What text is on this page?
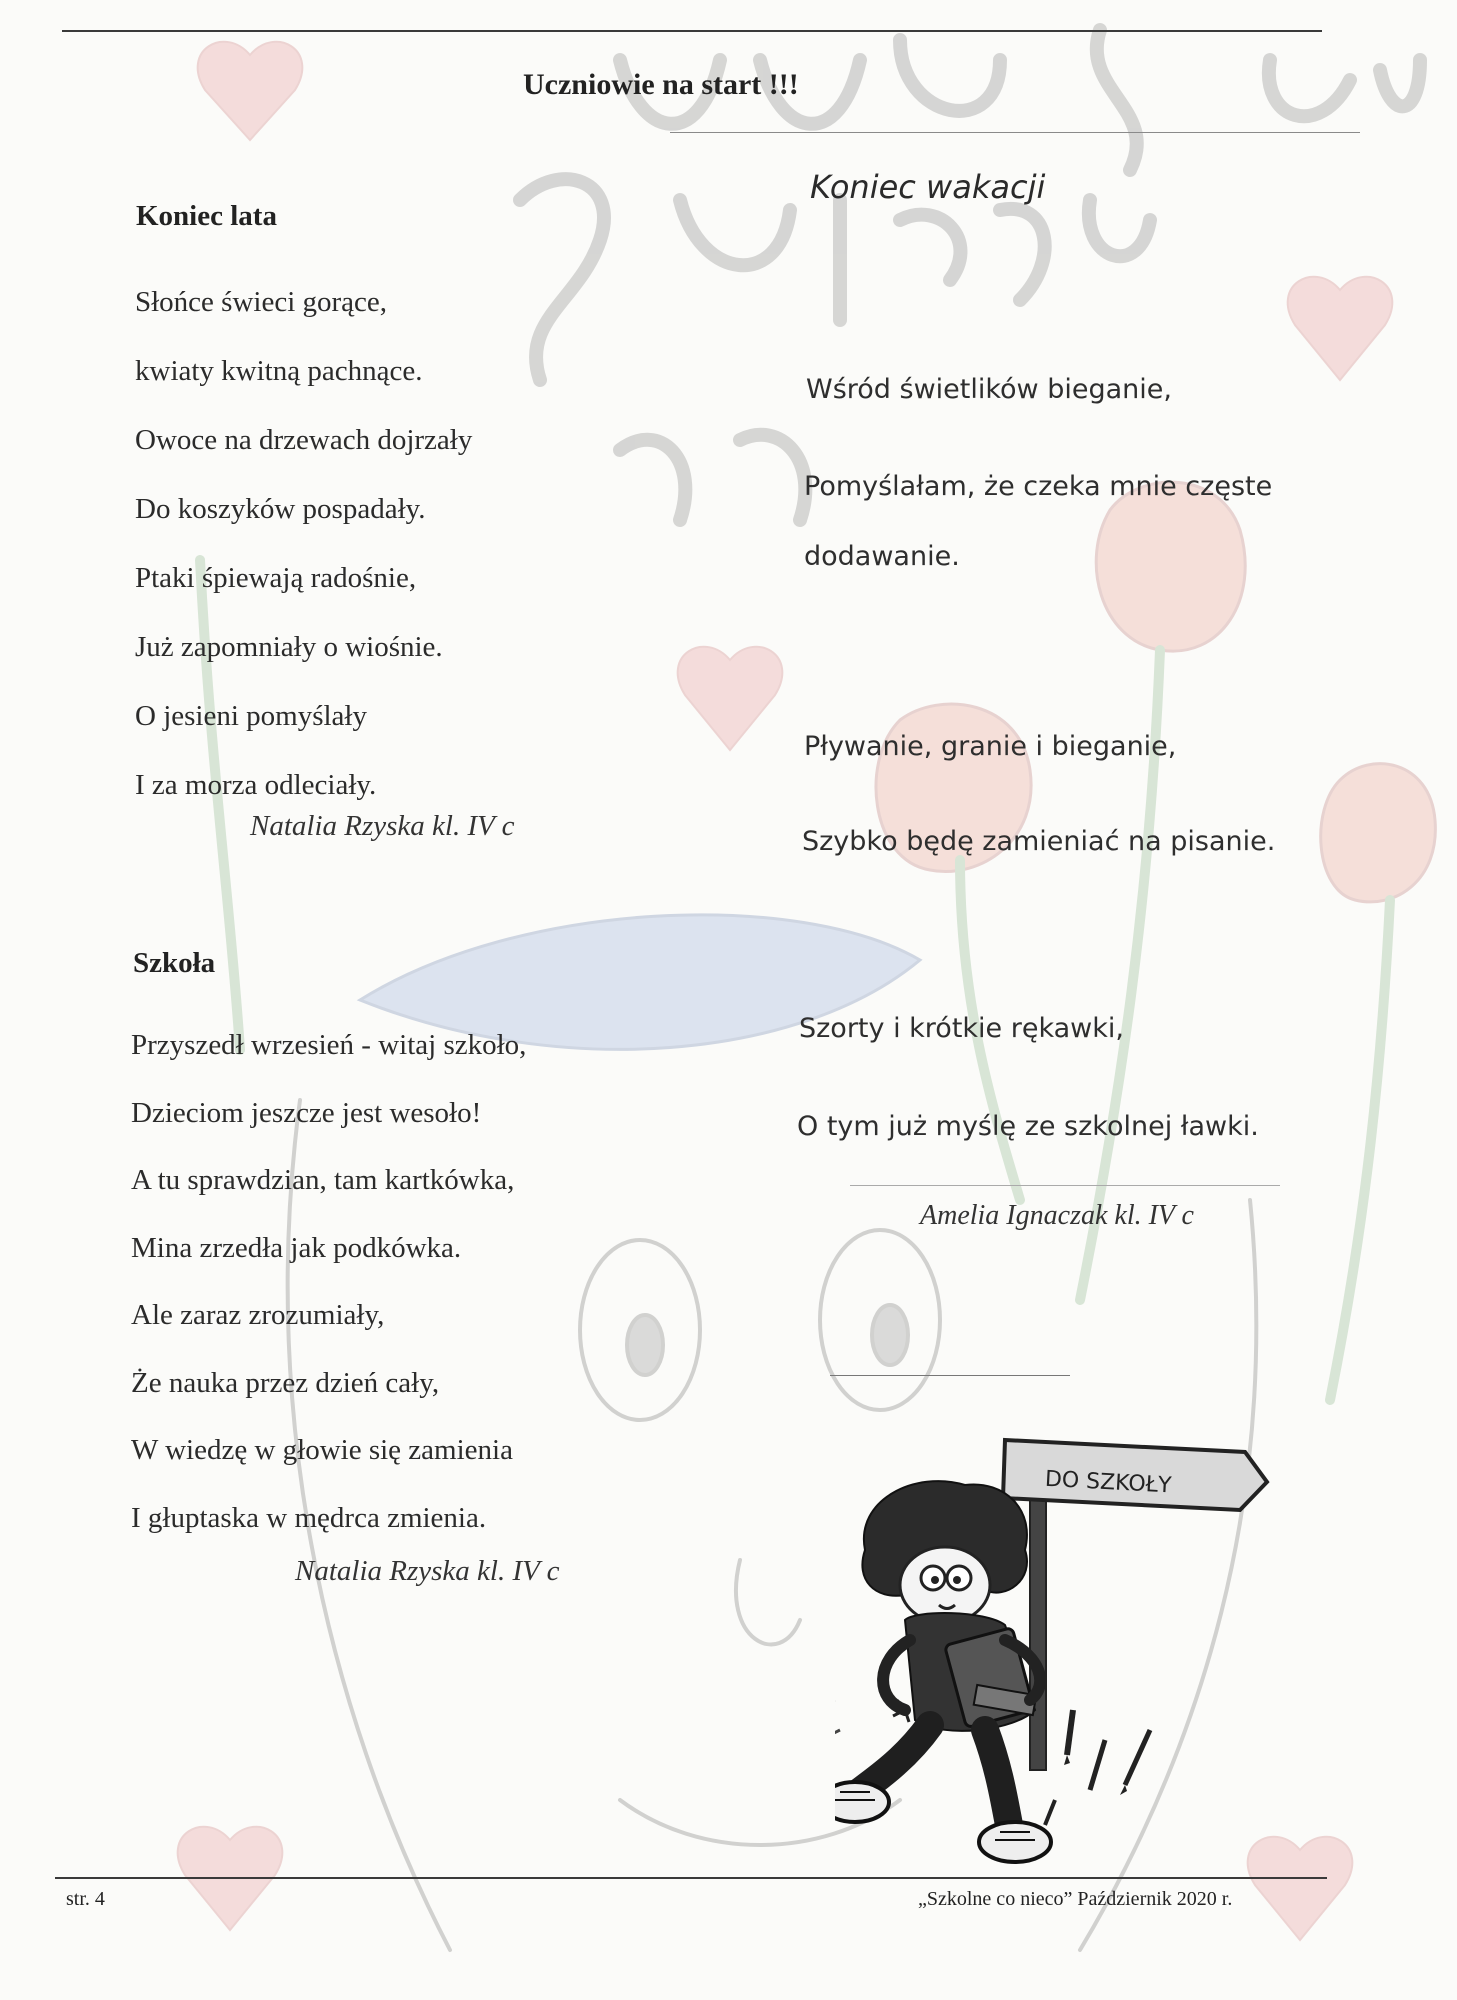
Uczniowie na start !!!
Koniec lata
Słońce świeci gorące,
kwiaty kwitną pachnące.
Owoce na drzewach dojrzały
Do koszyków pospadały.
Ptaki śpiewają radośnie,
Już zapomniały o wiośnie.
O jesieni pomyślały
I za morza odleciały.
Natalia Rzyska kl. IV c
Szkoła
Przyszedł wrzesień - witaj szkoło,
Dzieciom jeszcze jest wesoło!
A tu sprawdzian, tam kartkówka,
Mina zrzedła jak podkówka.
Ale zaraz zrozumiały,
Że nauka przez dzień cały,
W wiedzę w głowie się zamienia
I głuptaska w mędrca zmienia.
Natalia Rzyska kl. IV c
Koniec wakacji
Wśród świetlików bieganie,
Pomyślałam, że czeka mnie częste
dodawanie.
Pływanie, granie i bieganie,
Szybko będę zamieniać na pisanie.
Szorty i krótkie rękawki,
O tym już myślę ze szkolnej ławki.
Amelia Ignaczak kl. IV c
DO SZKOŁY
str. 4	„Szkolne co nieco” Październik 2020 r.
